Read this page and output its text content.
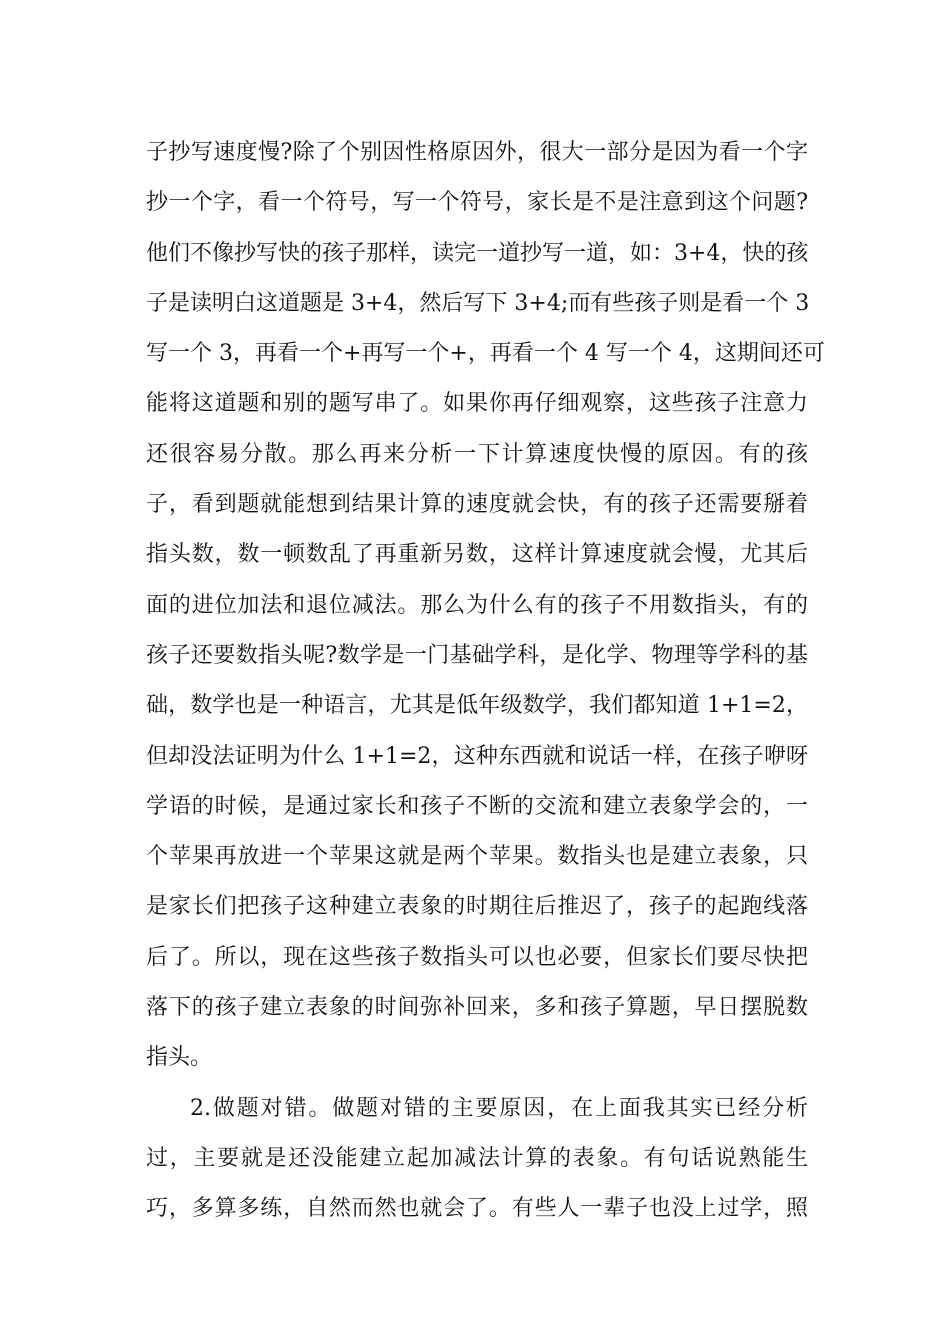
子抄写速度慢?除了个别因性格原因外，很大一部分是因为看一个字
抄一个字，看一个符号，写一个符号，家长是不是注意到这个问题?
他们不像抄写快的孩子那样，读完一道抄写一道，如：3+4，快的孩
子是读明白这道题是 3+4，然后写下 3+4;而有些孩子则是看一个 3
写一个 3，再看一个+再写一个+，再看一个 4 写一个 4，这期间还可
能将这道题和别的题写串了。如果你再仔细观察，这些孩子注意力
还很容易分散。那么再来分析一下计算速度快慢的原因。有的孩
子，看到题就能想到结果计算的速度就会快，有的孩子还需要掰着
指头数，数一顿数乱了再重新另数，这样计算速度就会慢，尤其后
面的进位加法和退位减法。那么为什么有的孩子不用数指头，有的
孩子还要数指头呢?数学是一门基础学科，是化学、物理等学科的基
础，数学也是一种语言，尤其是低年级数学，我们都知道 1+1=2，
但却没法证明为什么 1+1=2，这种东西就和说话一样，在孩子咿呀
学语的时候，是通过家长和孩子不断的交流和建立表象学会的，一
个苹果再放进一个苹果这就是两个苹果。数指头也是建立表象，只
是家长们把孩子这种建立表象的时期往后推迟了，孩子的起跑线落
后了。所以，现在这些孩子数指头可以也必要，但家长们要尽快把
落下的孩子建立表象的时间弥补回来，多和孩子算题，早日摆脱数
指头。
2.做题对错。做题对错的主要原因，在上面我其实已经分析
过，主要就是还没能建立起加减法计算的表象。有句话说熟能生
巧，多算多练，自然而然也就会了。有些人一辈子也没上过学，照
